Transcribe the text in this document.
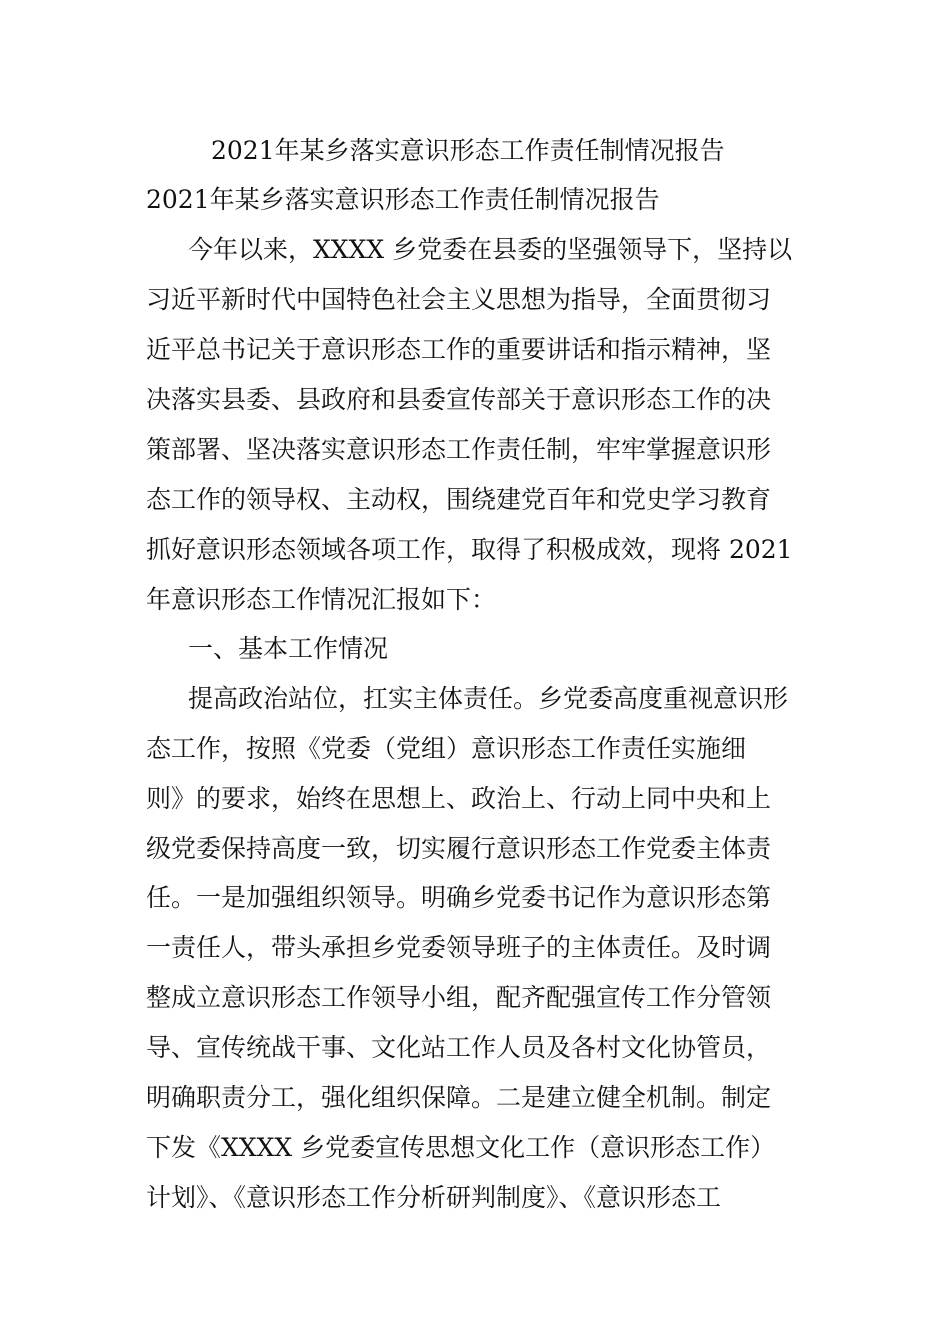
2021年某乡落实意识形态工作责任制情况报告
2021年某乡落实意识形态工作责任制情况报告
今年以来，XXXX 乡党委在县委的坚强领导下，坚持以
习近平新时代中国特色社会主义思想为指导，全面贯彻习
近平总书记关于意识形态工作的重要讲话和指示精神，坚
决落实县委、县政府和县委宣传部关于意识形态工作的决
策部署、坚决落实意识形态工作责任制，牢牢掌握意识形
态工作的领导权、主动权，围绕建党百年和党史学习教育
抓好意识形态领域各项工作，取得了积极成效，现将 2021
年意识形态工作情况汇报如下：
一、基本工作情况
提高政治站位，扛实主体责任。乡党委高度重视意识形
态工作，按照《党委（党组）意识形态工作责任实施细
则》的要求，始终在思想上、政治上、行动上同中央和上
级党委保持高度一致，切实履行意识形态工作党委主体责
任。一是加强组织领导。明确乡党委书记作为意识形态第
一责任人，带头承担乡党委领导班子的主体责任。及时调
整成立意识形态工作领导小组，配齐配强宣传工作分管领
导、宣传统战干事、文化站工作人员及各村文化协管员，
明确职责分工，强化组织保障。二是建立健全机制。制定
下发《XXXX 乡党委宣传思想文化工作（意识形态工作）
计划》、《意识形态工作分析研判制度》、《意识形态工
